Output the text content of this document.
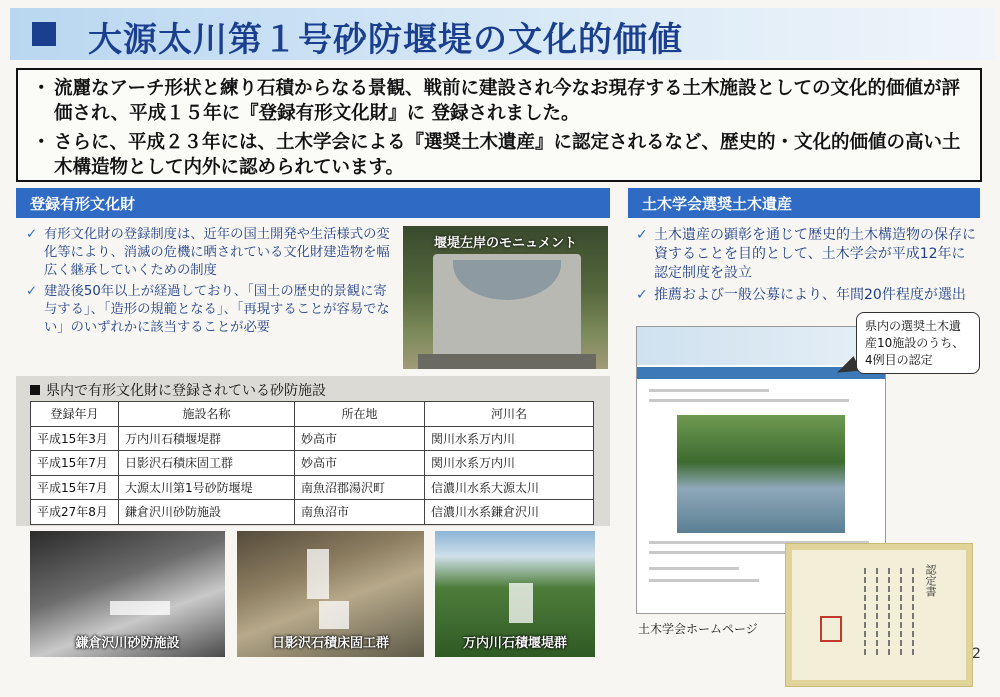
大源太川第１号砂防堰堤の文化的価値
・ 流麗なアーチ形状と練り石積からなる景観、戦前に建設され今なお現存する土木施設としての文化的価値が評価され、平成１５年に『登録有形文化財』に 登録されました。
・ さらに、平成２３年には、土木学会による『選奨土木遺産』に認定されるなど、歴史的・文化的価値の高い土木構造物として内外に認められています。
登録有形文化財	土木学会選奨土木遺産
✓ 有形文化財の登録制度は、近年の国土開発や生活様式の変化等により、消滅の危機に晒されている文化財建造物を幅広く継承していくための制度
✓ 建設後50年以上が経過しており、「国土の歴史的景観に寄与する」、「造形の規範となる」、「再現することが容易でない」のいずれかに該当することが必要
堰堤左岸のモニュメント
県内で有形文化財に登録されている砂防施設
登録年月	施設名称	所在地	河川名
平成15年3月	万内川石積堰堤群	妙高市	関川水系万内川
平成15年7月	日影沢石積床固工群	妙高市	関川水系万内川
平成15年7月	大源太川第1号砂防堰堤	南魚沼郡湯沢町	信濃川水系大源太川
平成27年8月	鎌倉沢川砂防施設	南魚沼市	信濃川水系鎌倉沢川
鎌倉沢川砂防施設	日影沢石積床固工群	万内川石積堰堤群
✓ 土木遺産の顕彰を通じて歴史的土木構造物の保存に資することを目的として、土木学会が平成12年に認定制度を設立
✓ 推薦および一般公募により、年間20件程度が選出
土木学会ホームページ
県内の選奨土木遺産10施設のうち、4例目の認定
認定書
2
